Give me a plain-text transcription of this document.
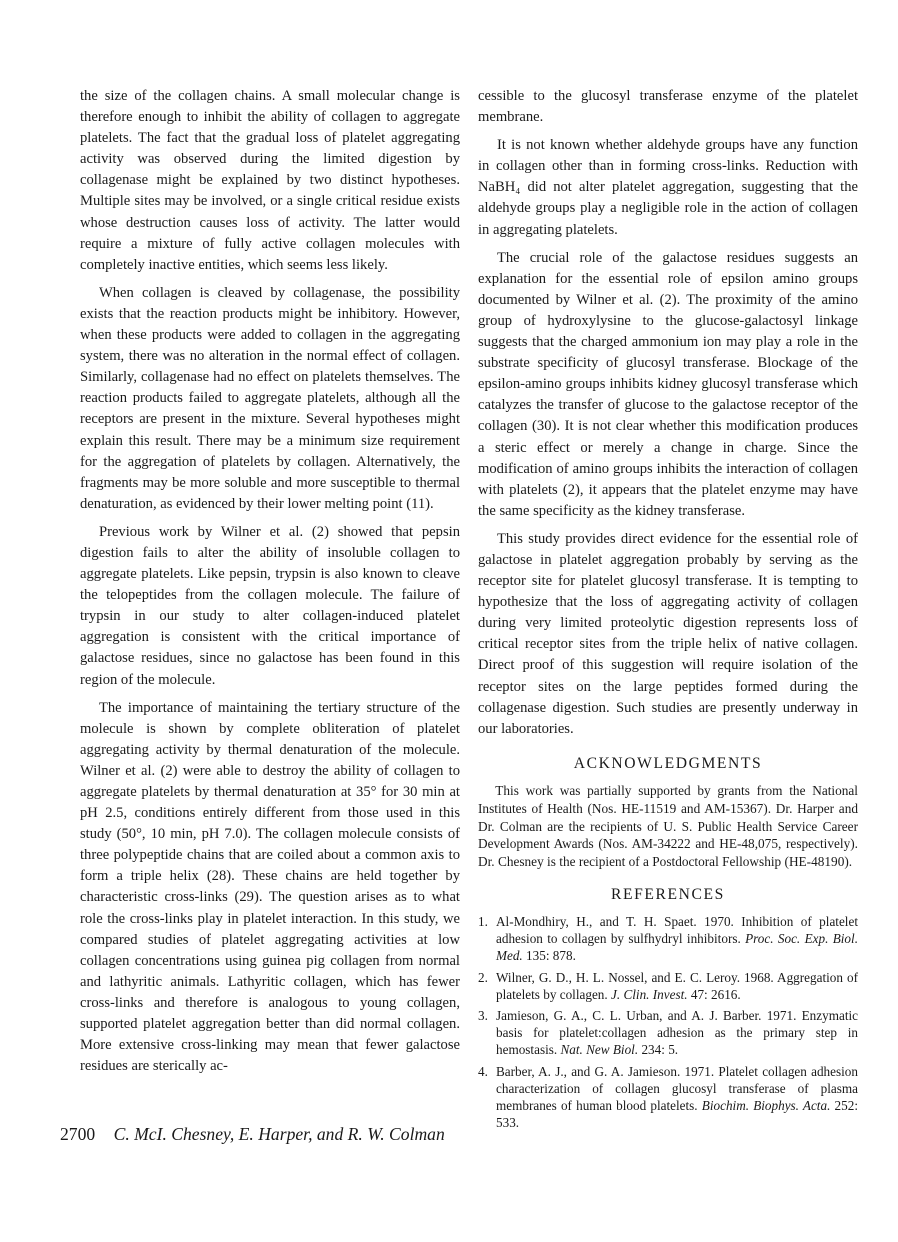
the size of the collagen chains. A small molecular change is therefore enough to inhibit the ability of collagen to aggregate platelets. The fact that the gradual loss of platelet aggregating activity was observed during the limited digestion by collagenase might be explained by two distinct hypotheses. Multiple sites may be involved, or a single critical residue exists whose destruction causes loss of activity. The latter would require a mixture of fully active collagen molecules with completely inactive entities, which seems less likely.

When collagen is cleaved by collagenase, the possibility exists that the reaction products might be inhibitory. However, when these products were added to collagen in the aggregating system, there was no alteration in the normal effect of collagen. Similarly, collagenase had no effect on platelets themselves. The reaction products failed to aggregate platelets, although all the receptors are present in the mixture. Several hypotheses might explain this result. There may be a minimum size requirement for the aggregation of platelets by collagen. Alternatively, the fragments may be more soluble and more susceptible to thermal denaturation, as evidenced by their lower melting point (11).

Previous work by Wilner et al. (2) showed that pepsin digestion fails to alter the ability of insoluble collagen to aggregate platelets. Like pepsin, trypsin is also known to cleave the telopeptides from the collagen molecule. The failure of trypsin in our study to alter collagen-induced platelet aggregation is consistent with the critical importance of galactose residues, since no galactose has been found in this region of the molecule.

The importance of maintaining the tertiary structure of the molecule is shown by complete obliteration of platelet aggregating activity by thermal denaturation of the molecule. Wilner et al. (2) were able to destroy the ability of collagen to aggregate platelets by thermal denaturation at 35° for 30 min at pH 2.5, conditions entirely different from those used in this study (50°, 10 min, pH 7.0). The collagen molecule consists of three polypeptide chains that are coiled about a common axis to form a triple helix (28). These chains are held together by characteristic cross-links (29). The question arises as to what role the cross-links play in platelet interaction. In this study, we compared studies of platelet aggregating activities at low collagen concentrations using guinea pig collagen from normal and lathyritic animals. Lathyritic collagen, which has fewer cross-links and therefore is analogous to young collagen, supported platelet aggregation better than did normal collagen. More extensive cross-linking may mean that fewer galactose residues are sterically ac-

cessible to the glucosyl transferase enzyme of the platelet membrane.

It is not known whether aldehyde groups have any function in collagen other than in forming cross-links. Reduction with NaBH₄ did not alter platelet aggregation, suggesting that the aldehyde groups play a negligible role in the action of collagen in aggregating platelets.

The crucial role of the galactose residues suggests an explanation for the essential role of epsilon amino groups documented by Wilner et al. (2). The proximity of the amino group of hydroxylysine to the glucose-galactosyl linkage suggests that the charged ammonium ion may play a role in the substrate specificity of glucosyl transferase. Blockage of the epsilon-amino groups inhibits kidney glucosyl transferase which catalyzes the transfer of glucose to the galactose receptor of the collagen (30). It is not clear whether this modification produces a steric effect or merely a change in charge. Since the modification of amino groups inhibits the interaction of collagen with platelets (2), it appears that the platelet enzyme may have the same specificity as the kidney transferase.

This study provides direct evidence for the essential role of galactose in platelet aggregation probably by serving as the receptor site for platelet glucosyl transferase. It is tempting to hypothesize that the loss of aggregating activity of collagen during very limited proteolytic digestion represents loss of critical receptor sites from the triple helix of native collagen. Direct proof of this suggestion will require isolation of the receptor sites on the large peptides formed during the collagenase digestion. Such studies are presently underway in our laboratories.

ACKNOWLEDGMENTS

This work was partially supported by grants from the National Institutes of Health (Nos. HE-11519 and AM-15367). Dr. Harper and Dr. Colman are the recipients of U. S. Public Health Service Career Development Awards (Nos. AM-34222 and HE-48,075, respectively). Dr. Chesney is the recipient of a Postdoctoral Fellowship (HE-48190).

REFERENCES
1. Al-Mondhiry, H., and T. H. Spaet. 1970. Inhibition of platelet adhesion to collagen by sulfhydryl inhibitors. Proc. Soc. Exp. Biol. Med. 135: 878.
2. Wilner, G. D., H. L. Nossel, and E. C. Leroy. 1968. Aggregation of platelets by collagen. J. Clin. Invest. 47: 2616.
3. Jamieson, G. A., C. L. Urban, and A. J. Barber. 1971. Enzymatic basis for platelet:collagen adhesion as the primary step in hemostasis. Nat. New Biol. 234: 5.
4. Barber, A. J., and G. A. Jamieson. 1971. Platelet collagen adhesion characterization of collagen glucosyl transferase of plasma membranes of human blood platelets. Biochim. Biophys. Acta. 252: 533.
2700 C. McI. Chesney, E. Harper, and R. W. Colman
